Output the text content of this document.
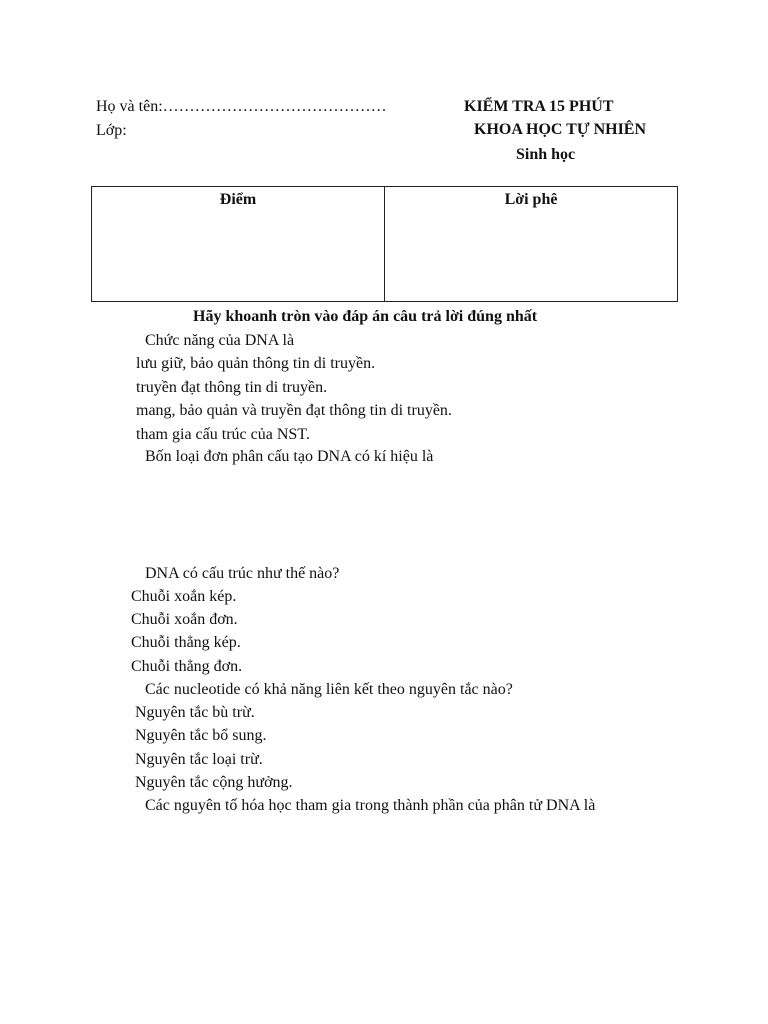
Họ và tên:……………………………………
Lớp:
KIỂM TRA 15 PHÚT
KHOA HỌC TỰ NHIÊN
Sinh học
Điểm	Lời phê
Hãy khoanh tròn vào đáp án câu trả lời đúng nhất
Chức năng của DNA là
lưu giữ, bảo quản thông tin di truyền.
truyền đạt thông tin di truyền.
mang, bảo quản và truyền đạt thông tin di truyền.
tham gia cấu trúc của NST.
Bốn loại đơn phân cấu tạo DNA có kí hiệu là
DNA có cấu trúc như thế nào?
Chuỗi xoắn kép.
Chuỗi xoắn đơn.
Chuỗi thẳng kép.
Chuỗi thẳng đơn.
Các nucleotide có khả năng liên kết theo nguyên tắc nào?
Nguyên tắc bù trừ.
Nguyên tắc bổ sung.
Nguyên tắc loại trừ.
Nguyên tắc cộng hưởng.
Các nguyên tố hóa học tham gia trong thành phần của phân tử DNA là
